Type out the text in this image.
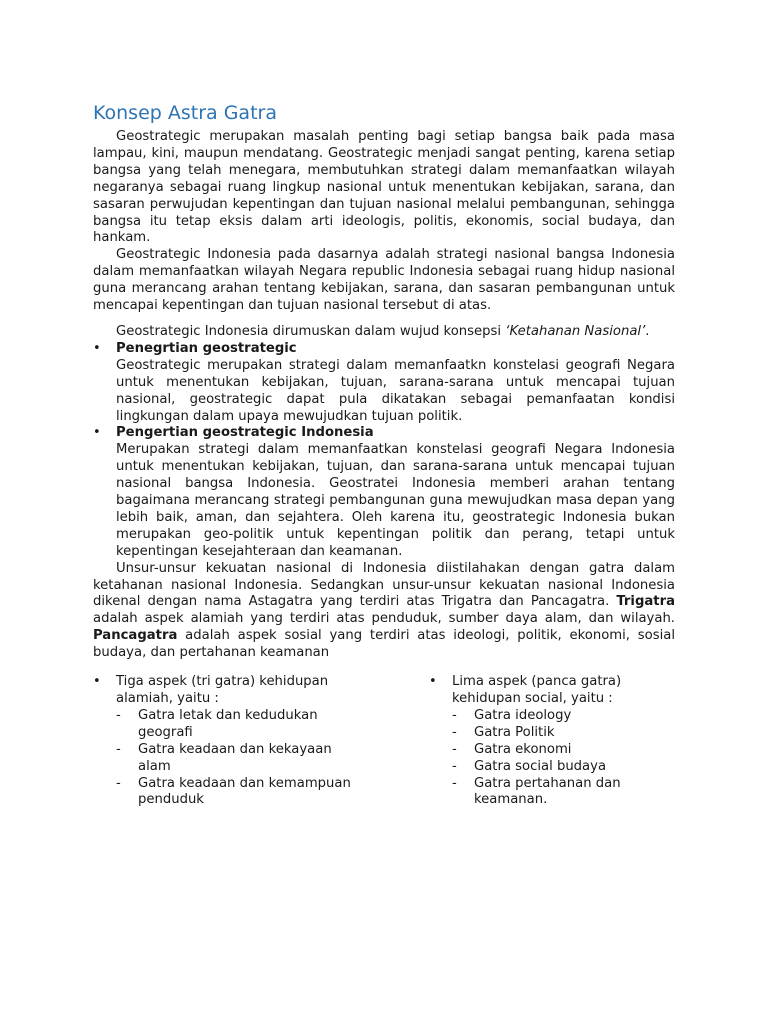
Konsep Astra Gatra

Geostrategic merupakan masalah penting bagi setiap bangsa baik pada masa lampau, kini, maupun mendatang. Geostrategic menjadi sangat penting, karena setiap bangsa yang telah menegara, membutuhkan strategi dalam memanfaatkan wilayah negaranya sebagai ruang lingkup nasional untuk menentukan kebijakan, sarana, dan sasaran perwujudan kepentingan dan tujuan nasional melalui pembangunan, sehingga bangsa itu tetap eksis dalam arti ideologis, politis, ekonomis, social budaya, dan hankam.

Geostrategic Indonesia pada dasarnya adalah strategi nasional bangsa Indonesia dalam memanfaatkan wilayah Negara republic Indonesia sebagai ruang hidup nasional guna merancang arahan tentang kebijakan, sarana, dan sasaran pembangunan untuk mencapai kepentingan dan tujuan nasional tersebut di atas.

Geostrategic Indonesia dirumuskan dalam wujud konsepsi ‘Ketahanan Nasional’.

• Penegrtian geostrategic

Geostrategic merupakan strategi dalam memanfaatkn konstelasi geografi Negara untuk menentukan kebijakan, tujuan, sarana-sarana untuk mencapai tujuan nasional, geostrategic dapat pula dikatakan sebagai pemanfaatan kondisi lingkungan dalam upaya mewujudkan tujuan politik.

• Pengertian geostrategic Indonesia

Merupakan strategi dalam memanfaatkan konstelasi geografi Negara Indonesia untuk menentukan kebijakan, tujuan, dan sarana-sarana untuk mencapai tujuan nasional bangsa Indonesia. Geostratei Indonesia memberi arahan tentang bagaimana merancang strategi pembangunan guna mewujudkan masa depan yang lebih baik, aman, dan sejahtera. Oleh karena itu, geostrategic Indonesia bukan merupakan geo-politik untuk kepentingan politik dan perang, tetapi untuk kepentingan kesejahteraan dan keamanan.

Unsur-unsur kekuatan nasional di Indonesia diistilahakan dengan gatra dalam ketahanan nasional Indonesia. Sedangkan unsur-unsur kekuatan nasional Indonesia dikenal dengan nama Astagatra yang terdiri atas Trigatra dan Pancagatra. Trigatra adalah aspek alamiah yang terdiri atas penduduk, sumber daya alam, dan wilayah. Pancagatra adalah aspek sosial yang terdiri atas ideologi, politik, ekonomi, sosial budaya, dan pertahanan keamanan

• Tiga aspek (tri gatra) kehidupan alamiah, yaitu :
- Gatra letak dan kedudukan geografi
- Gatra keadaan dan kekayaan alam
- Gatra keadaan dan kemampuan penduduk
• Lima aspek (panca gatra) kehidupan social, yaitu :
- Gatra ideology
- Gatra Politik
- Gatra ekonomi
- Gatra social budaya
- Gatra pertahanan dan keamanan.
